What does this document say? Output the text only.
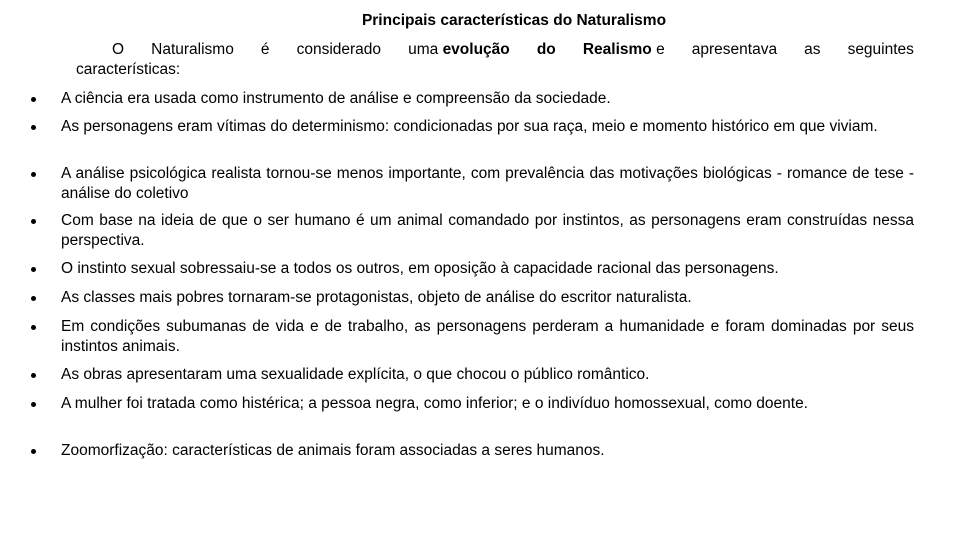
Principais características do Naturalismo
O Naturalismo é considerado uma evolução do Realismo e apresentava as seguintes
características:
A ciência era usada como instrumento de análise e compreensão da sociedade.
As personagens eram vítimas do determinismo: condicionadas por sua raça, meio e momento histórico em que viviam.
A análise psicológica realista tornou-se menos importante, com prevalência das motivações biológicas - romance de tese - análise do coletivo
Com base na ideia de que o ser humano é um animal comandado por instintos, as personagens eram construídas nessa perspectiva.
O instinto sexual sobressaiu-se a todos os outros, em oposição à capacidade racional das personagens.
As classes mais pobres tornaram-se protagonistas, objeto de análise do escritor naturalista.
Em condições subumanas de vida e de trabalho, as personagens perderam a humanidade e foram dominadas por seus instintos animais.
As obras apresentaram uma sexualidade explícita, o que chocou o público romântico.
A mulher foi tratada como histérica; a pessoa negra, como inferior; e o indivíduo homossexual, como doente.
Zoomorfização: características de animais foram associadas a seres humanos.
